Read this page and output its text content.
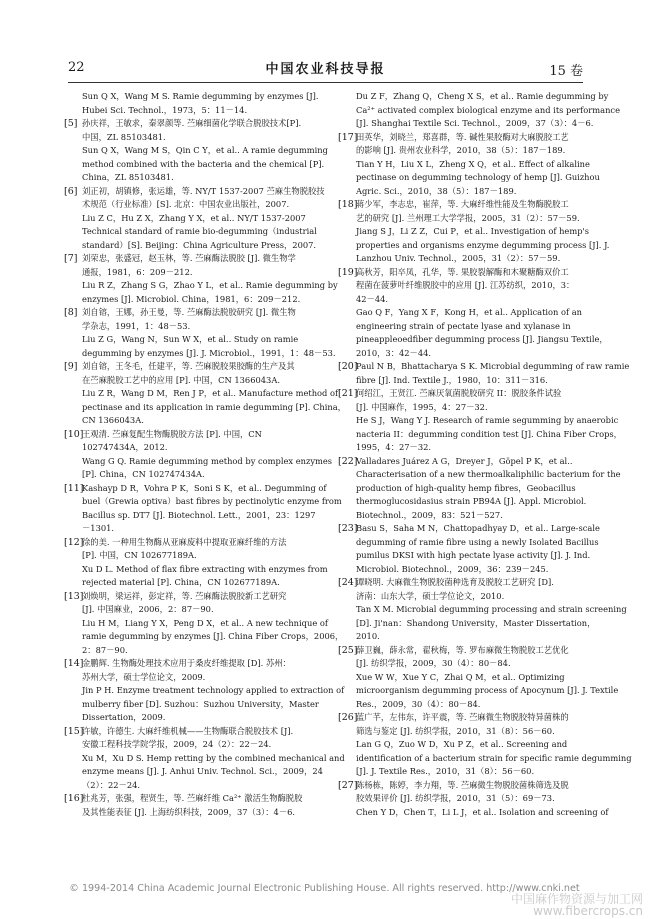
22	中国农业科技导报	15 卷
Sun Q X，Wang M S. Ramie degumming by enzymes [J].
Hubei Sci. Technol.，1973，5：11－14.
[5] 孙庆祥，王敏求，秦翠颜等. 苎麻细菌化学联合脱胶技术[P].
中国，ZL 85103481.
Sun Q X，Wang M S，Qin C Y，et al.. A ramie degumming
method combined with the bacteria and the chemical [P].
China，ZL 85103481.
[6] 刘正初，胡镇修，张运雄，等. NY/T 1537-2007 苎麻生物脱胶技
术规范（行业标准）[S]. 北京：中国农业出版社，2007.
Liu Z C，Hu Z X，Zhang Y X，et al.. NY/T 1537-2007
Technical standard of ramie bio-degumming（industrial
standard）[S]. Beijing：China Agriculture Press，2007.
[7] 刘荣忠，张盛冠，赵玉林，等. 苎麻酶法脱胶 [J]. 微生物学
通报，1981，6：209－212.
Liu R Z，Zhang S G，Zhao Y L，et al.. Ramie degumming by
enzymes [J]. Microbiol. China，1981，6：209－212.
[8] 刘自镕，王娜，孙王曼，等. 苎麻酶法脱胶研究 [J]. 微生物
学杂志，1991，1：48－53.
Liu Z G，Wang N，Sun W X，et al.. Study on ramie
degumming by enzymes [J]. J. Microbiol.，1991，1：48－53.
[9] 刘自镕，王冬毛，任建平，等. 苎麻脱胶果胶酶的生产及其
在苎麻脱胶工艺中的应用 [P]. 中国，CN 1366043A.
Liu Z R，Wang D M，Ren J P，et al.. Manufacture method of
pectinase and its application in ramie degumming [P]. China，
CN 1366043A.
[10]
王观清. 苎麻复配生物酶脱胶方法 [P]. 中国，CN
102747434A，2012.
Wang G Q. Ramie degumming method by complex enzymes
[P]. China，CN 102747434A.
[11]
Kashayp D R，Vohra P K，Soni S K，et al.. Degumming of
buel（Grewia optiva）bast fibres by pectinolytic enzyme from
Bacillus sp. DT7 [J]. Biotechnol. Lett.，2001，23：1297
－1301.
[12]
徐的美. 一种用生物酶从亚麻废料中提取亚麻纤维的方法
[P]. 中国，CN 102677189A.
Xu D L. Method of flax fibre extracting with enzymes from
rejected material [P]. China，CN 102677189A.
[13]
刘焕明，梁运祥，彭定祥，等. 苎麻酶法脱胶新工艺研究
[J]. 中国麻业，2006，2：87－90.
Liu H M，Liang Y X，Peng D X，et al.. A new technique of
ramie degumming by enzymes [J]. China Fiber Crops，2006，
2：87－90.
[14]
金鹏辉. 生物酶处理技术应用于桑皮纤维提取 [D]. 苏州：
苏州大学，硕士学位论文，2009.
Jin P H. Enzyme treatment technology applied to extraction of
mulberry fiber [D]. Suzhou：Suzhou University，Master
Dissertation，2009.
[15]
许敏，许德生. 大麻纤维机械——生物酶联合脱胶技术 [J].
安徽工程科技学院学报，2009，24（2）：22－24.
Xu M，Xu D S. Hemp retting by the combined mechanical and
enzyme means [J]. J. Anhui Univ. Technol. Sci.，2009，24
（2）：22－24.
[16]
杜兆芳，张强，程贤生，等. 苎麻纤维 Ca²⁺ 激活生物酶脱胶
及其性能表征 [J]. 上海纺织科技，2009，37（3）：4－6.
Du Z F，Zhang Q，Cheng X S，et al.. Ramie degumming by
Ca²⁺ activated complex biological enzyme and its performance
[J]. Shanghai Textile Sci. Technol.，2009，37（3）：4－6.
[17]
田英华，刘晓兰，郑喜群，等. 碱性果胶酶对大麻脱胶工艺
的影响 [J]. 贵州农业科学，2010，38（5）：187－189.
Tian Y H，Liu X L，Zheng X Q，et al.. Effect of alkaline
pectinase on degumming technology of hemp [J]. Guizhou
Agric. Sci.，2010，38（5）：187－189.
[18]
蒋少军，李志忠，崔萍，等. 大麻纤维性能及生物酶脱胶工
艺的研究 [J]. 兰州理工大学学报，2005，31（2）：57－59.
Jiang S J，Li Z Z，Cui P，et al.. Investigation of hemp's
properties and organisms enzyme degumming process [J]. J.
Lanzhou Univ. Technol.，2005，31（2）：57－59.
[19]
高秋芳，阳卒凤，孔华，等. 果胶裂解酶和木聚糖酶双价工
程菌在菠萝叶纤维脱胶中的应用 [J]. 江苏纺织，2010，3：
42－44.
Gao Q F，Yang X F，Kong H，et al.. Application of an
engineering strain of pectate lyase and xylanase in
pineappleoedfiber degumming process [J]. Jiangsu Textile，
2010，3：42－44.
[20]
Paul N B，Bhattacharya S K. Microbial degumming of raw ramie
fibre [J]. Ind. Textile J.，1980，10：311－316.
[21]
何绍江，王贤江. 苎麻厌氧菌脱胶研究 II：脱胶条件试验
[J]. 中国麻作，1995，4：27－32.
He S J，Wang Y J. Research of ramie segumming by anaerobic
nacteria II：degumming condition test [J]. China Fiber Crops，
1995，4：27－32.
[22]
Valladares Juárez A G，Dreyer J，Göpel P K，et al..
Characterisation of a new thermoalkaliphilic bacterium for the
production of high-quality hemp fibres，Geobacillus
thermoglucosidasius strain PB94A [J]. Appl. Microbiol.
Biotechnol.，2009，83：521－527.
[23]
Basu S，Saha M N，Chattopadhyay D，et al.. Large-scale
degumming of ramie fibre using a newly Isolated Bacillus
pumilus DKSI with high pectate lyase activity [J]. J. Ind.
Microbiol. Biotechnol.，2009，36：239－245.
[24]
谭晓明. 大麻微生物脱胶菌种选育及脱胶工艺研究 [D].
济南：山东大学，硕士学位论文，2010.
Tan X M. Microbial degumming processing and strain screening
[D]. Ji'nan：Shandong University，Master Dissertation，
2010.
[25]
薛卫巍，薛永常，翟秋梅，等. 罗布麻微生物脱胶工艺优化
[J]. 纺织学报，2009，30（4）：80－84.
Xue W W，Xue Y C，Zhai Q M，et al.. Optimizing
microorganism degumming process of Apocynum [J]. J. Textile
Res.，2009，30（4）：80－84.
[26]
蓝广芊，左伟东，许平震，等. 苎麻微生物脱胶特异菌株的
筛选与鉴定 [J]. 纺织学报，2010，31（8）：56－60.
Lan G Q，Zuo W D，Xu P Z，et al.. Screening and
identification of a bacterium strain for specific ramie degumming
[J]. J. Textile Res.，2010，31（8）：56－60.
[27]
陈杨栋，陈婷，李力翔，等. 苎麻微生物脱胶菌株筛选及脱
胶效果评价 [J]. 纺织学报，2010，31（5）：69－73.
Chen Y D，Chen T，Li L J，et al.. Isolation and screening of
© 1994-2014 China Academic Journal Electronic Publishing House. All rights reserved. http://www.cnki.net
中国麻作物资源与加工网
www.fibercrops.cn
